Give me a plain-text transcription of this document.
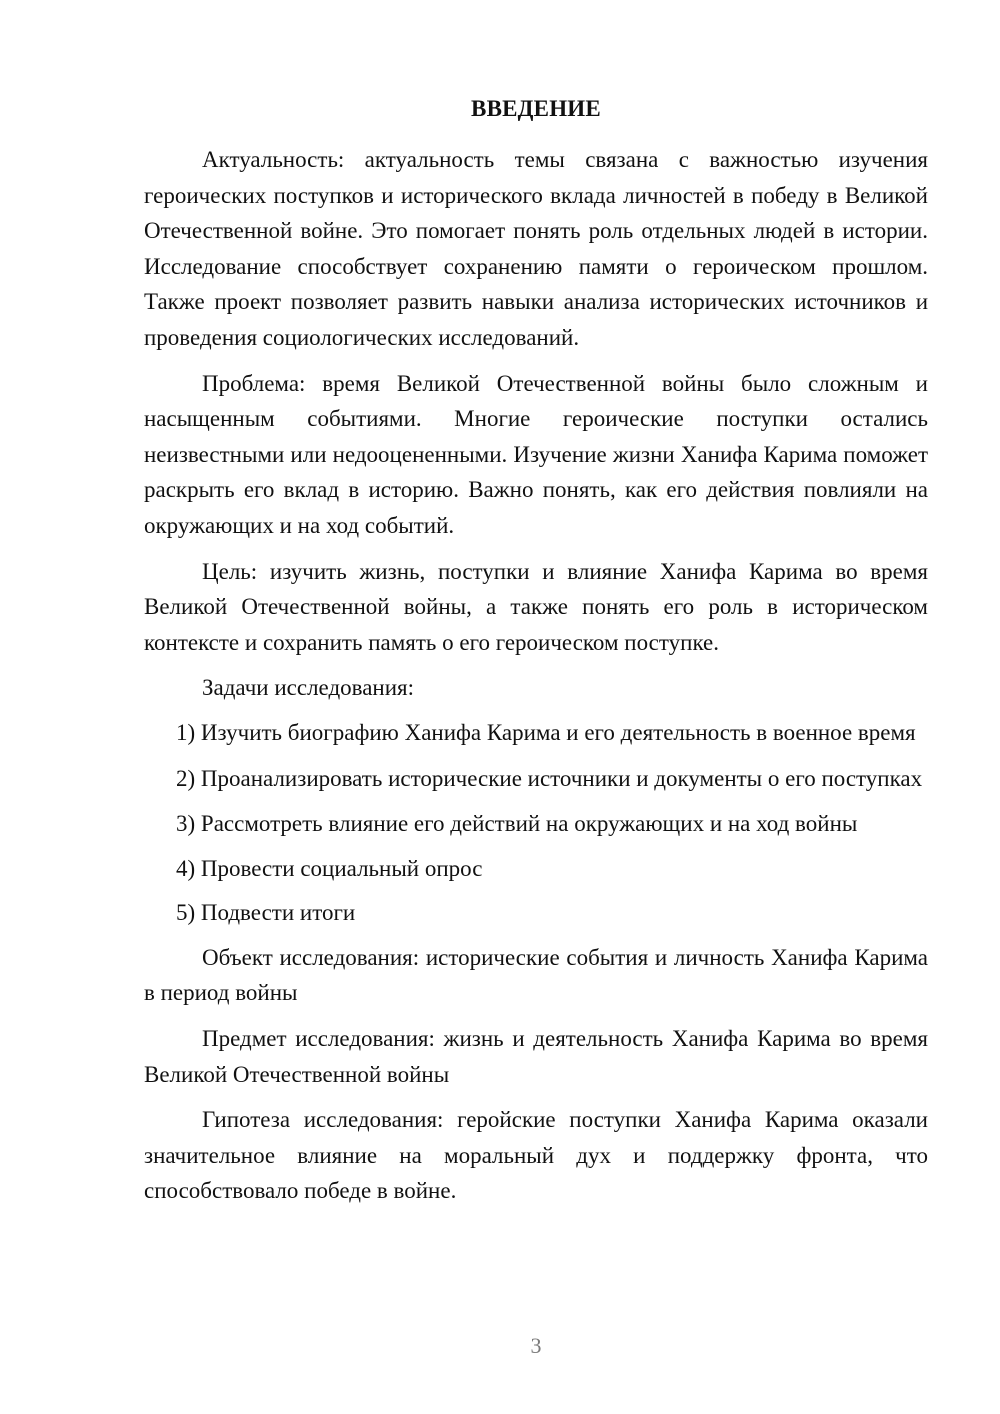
ВВЕДЕНИЕ

Актуальность: актуальность темы связана с важностью изучения героических поступков и исторического вклада личностей в победу в Великой Отечественной войне. Это помогает понять роль отдельных людей в истории. Исследование способствует сохранению памяти о героическом прошлом. Также проект позволяет развить навыки анализа исторических источников и проведения социологических исследований.

Проблема: время Великой Отечественной войны было сложным и насыщенным событиями. Многие героические поступки остались неизвестными или недооцененными. Изучение жизни Ханифа Карима поможет раскрыть его вклад в историю. Важно понять, как его действия повлияли на окружающих и на ход событий.

Цель: изучить жизнь, поступки и влияние Ханифа Карима во время Великой Отечественной войны, а также понять его роль в историческом контексте и сохранить память о его героическом поступке.

Задачи исследования:

1) Изучить биографию Ханифа Карима и его деятельность в военное время

2) Проанализировать исторические источники и документы о его поступках

3) Рассмотреть влияние его действий на окружающих и на ход войны

4) Провести социальный опрос

5) Подвести итоги

Объект исследования: исторические события и личность Ханифа Карима в период войны

Предмет исследования: жизнь и деятельность Ханифа Карима во время Великой Отечественной войны

Гипотеза исследования: геройские поступки Ханифа Карима оказали значительное влияние на моральный дух и поддержку фронта, что способствовало победе в войне.

3
